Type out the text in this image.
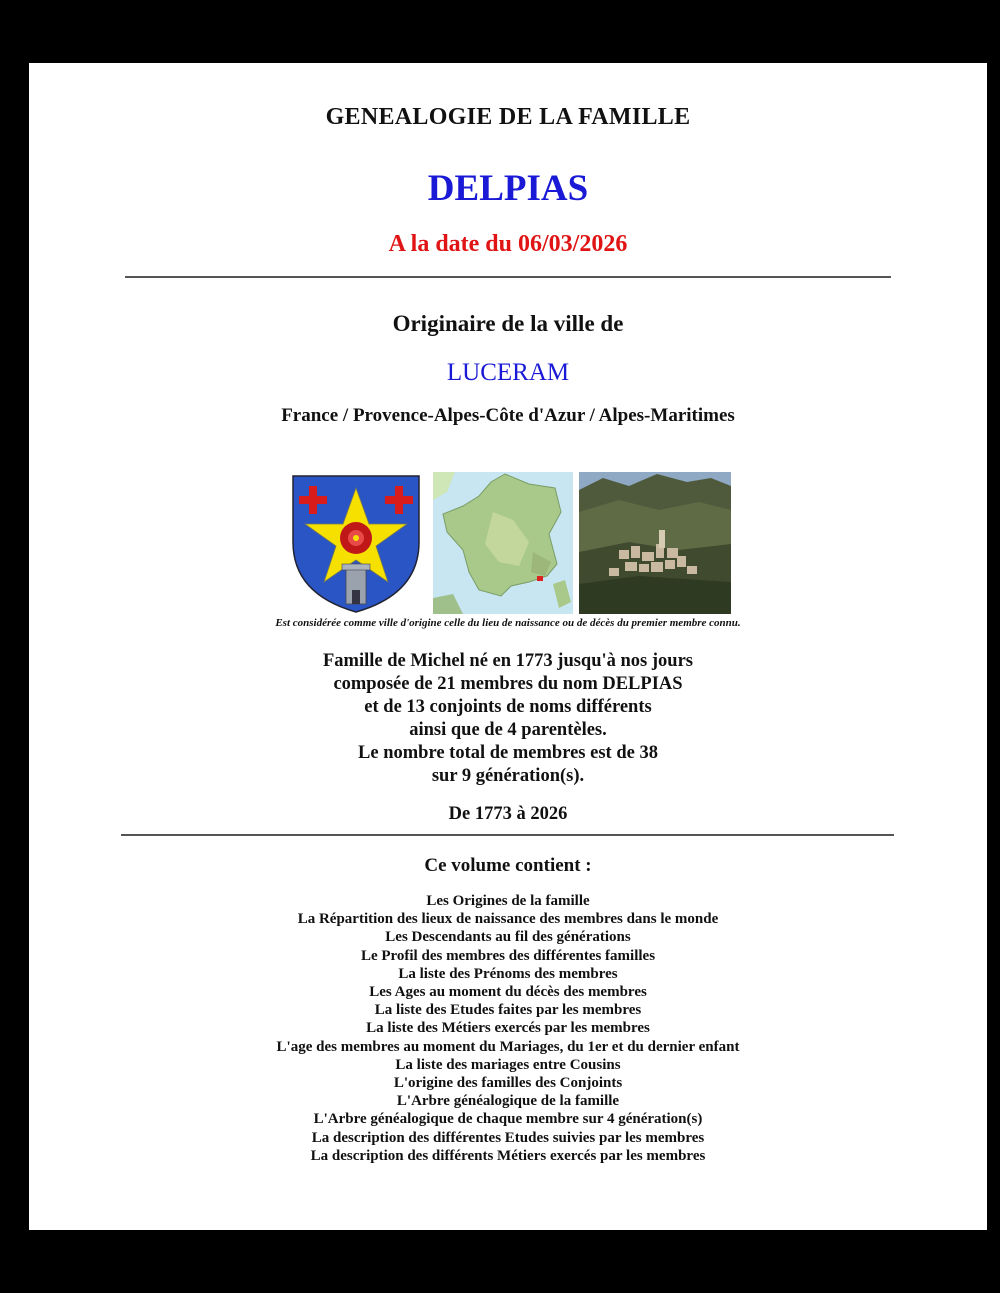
GENEALOGIE DE LA FAMILLE
DELPIAS
A la date du 06/03/2026
Originaire de la ville de
LUCERAM
France / Provence-Alpes-Côte d'Azur / Alpes-Maritimes
Est considérée comme ville d'origine celle du lieu de naissance ou de décès du premier membre connu.
Famille de Michel né en 1773 jusqu'à nos jours
composée de 21 membres du nom DELPIAS
et de 13 conjoints de noms différents
ainsi que de 4 parentèles.
Le nombre total de membres est de 38
sur 9 génération(s).
De 1773 à 2026
Ce volume contient :
Les Origines de la famille
La Répartition des lieux de naissance des membres dans le monde
Les Descendants au fil des générations
Le Profil des membres des différentes familles
La liste des Prénoms des membres
Les Ages au moment du décès des membres
La liste des Etudes faites par les membres
La liste des Métiers exercés par les membres
L'age des membres au moment du Mariages, du 1er et du dernier enfant
La liste des mariages entre Cousins
L'origine des familles des Conjoints
L'Arbre généalogique de la famille
L'Arbre généalogique de chaque membre sur 4 génération(s)
La description des différentes Etudes suivies par les membres
La description des différents Métiers exercés par les membres
